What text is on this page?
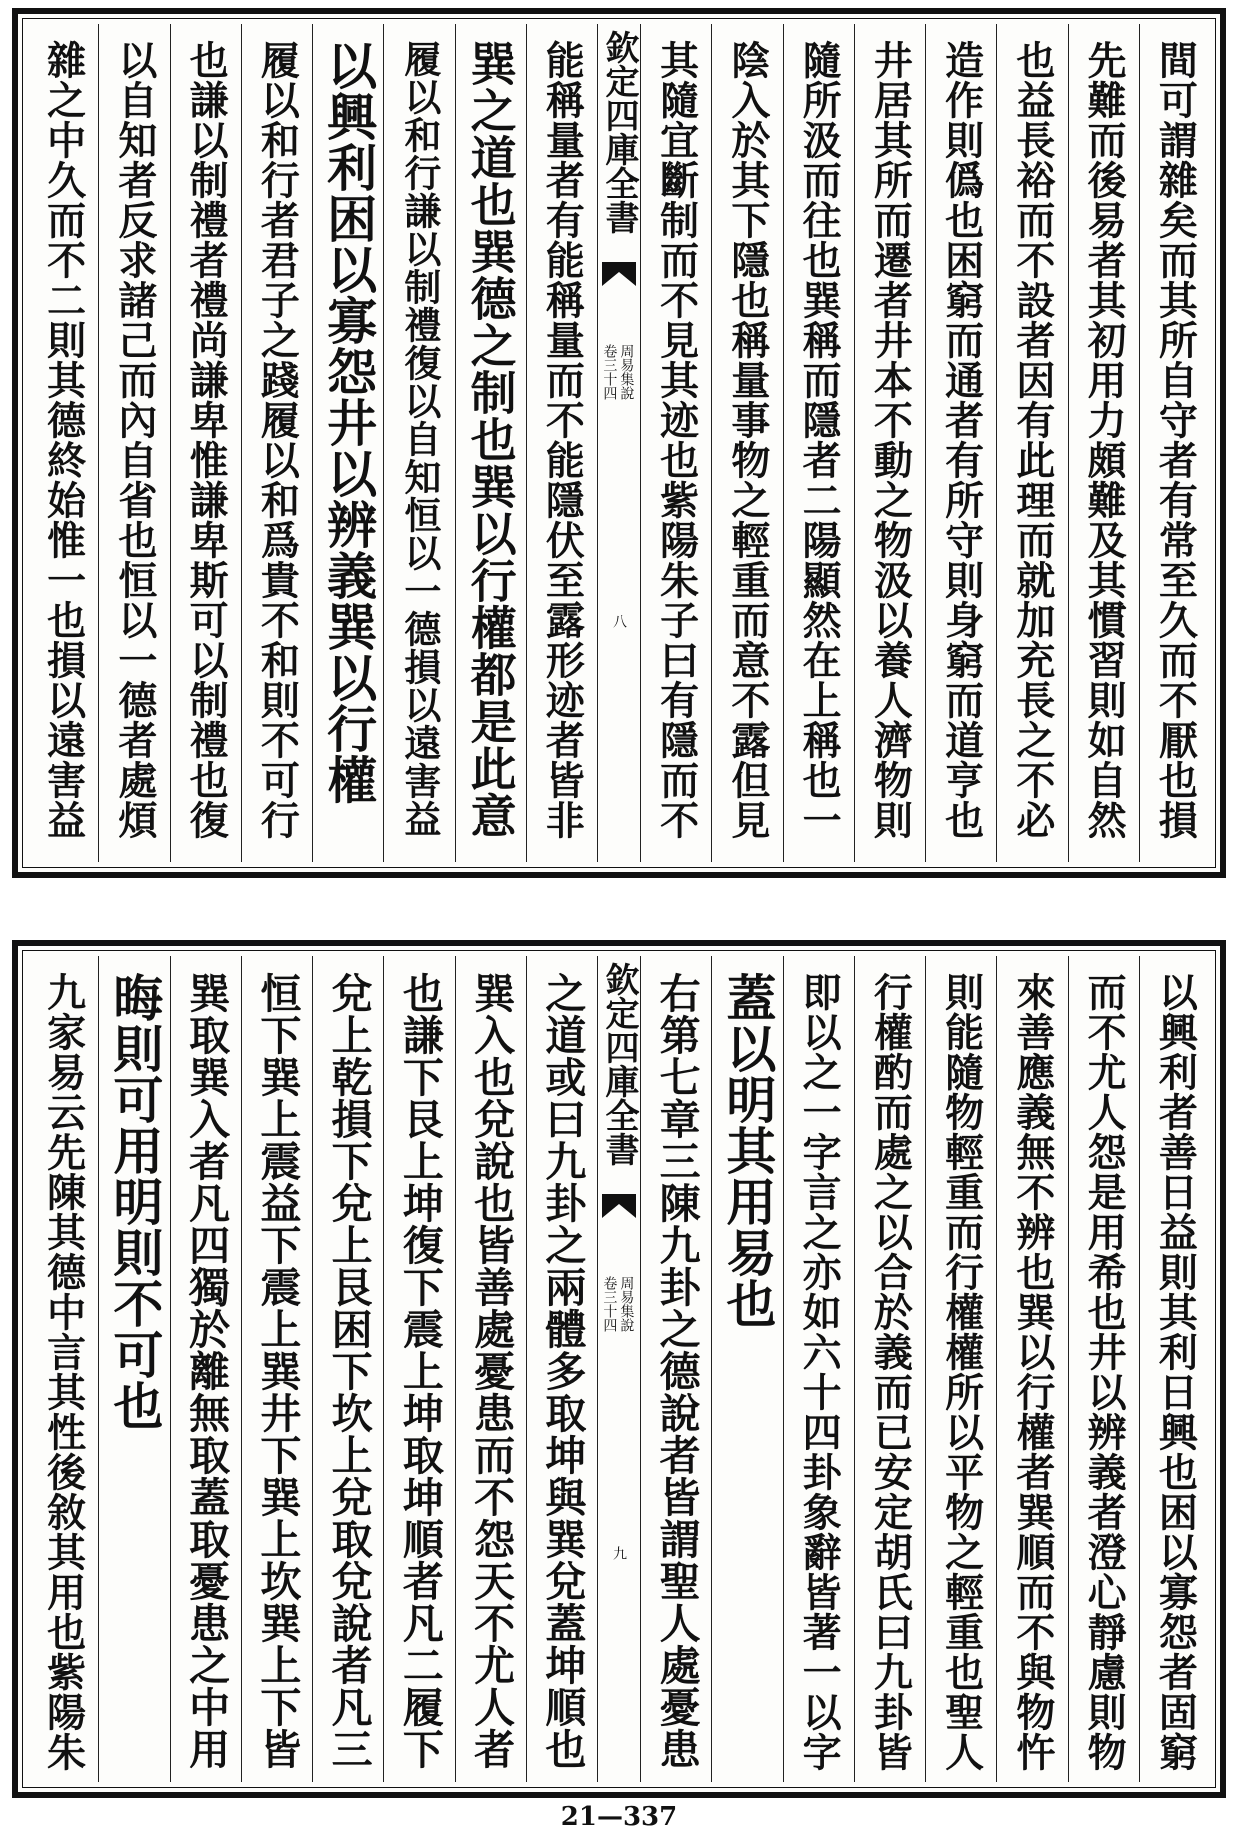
間可謂雜矣而其所自守者有常至久而不厭也損
先難而後易者其初用力頗難及其慣習則如自然
也益長裕而不設者因有此理而就加充長之不必
造作則僞也困窮而通者有所守則身窮而道亨也
井居其所而遷者井本不動之物汲以養人濟物則
隨所汲而往也巽稱而隱者二陽顯然在上稱也一
陰入於其下隱也稱量事物之輕重而意不露但見
其隨宜斷制而不見其迹也紫陽朱子曰有隱而不
欽定四庫全書
周易集說
卷三十四
八
能稱量者有能稱量而不能隱伏至露形迹者皆非
巽之道也巽德之制也巽以行權都是此意
履以和行謙以制禮復以自知恒以一德損以遠害益
以興利困以寡怨井以辨義巽以行權
履以和行者君子之踐履以和爲貴不和則不可行
也謙以制禮者禮尚謙卑惟謙卑斯可以制禮也復
以自知者反求諸己而內自省也恒以一德者處煩
雜之中久而不二則其德終始惟一也損以遠害益
以興利者善日益則其利日興也困以寡怨者固窮
而不尤人怨是用希也井以辨義者澄心靜慮則物
來善應義無不辨也巽以行權者巽順而不與物忤
則能隨物輕重而行權權所以平物之輕重也聖人
行權酌而處之以合於義而已安定胡氏曰九卦皆
即以之一字言之亦如六十四卦象辭皆著一以字
蓋以明其用易也
右第七章三陳九卦之德說者皆謂聖人處憂患
欽定四庫全書
周易集說
卷三十四
九
之道或曰九卦之兩體多取坤與巽兌蓋坤順也
巽入也兌說也皆善處憂患而不怨天不尤人者
也謙下艮上坤復下震上坤取坤順者凡二履下
兌上乾損下兌上艮困下坎上兌取兌說者凡三
恒下巽上震益下震上巽井下巽上坎巽上下皆
巽取巽入者凡四獨於離無取蓋取憂患之中用
晦則可用明則不可也
九家易云先陳其德中言其性後敘其用也紫陽朱
21—337
